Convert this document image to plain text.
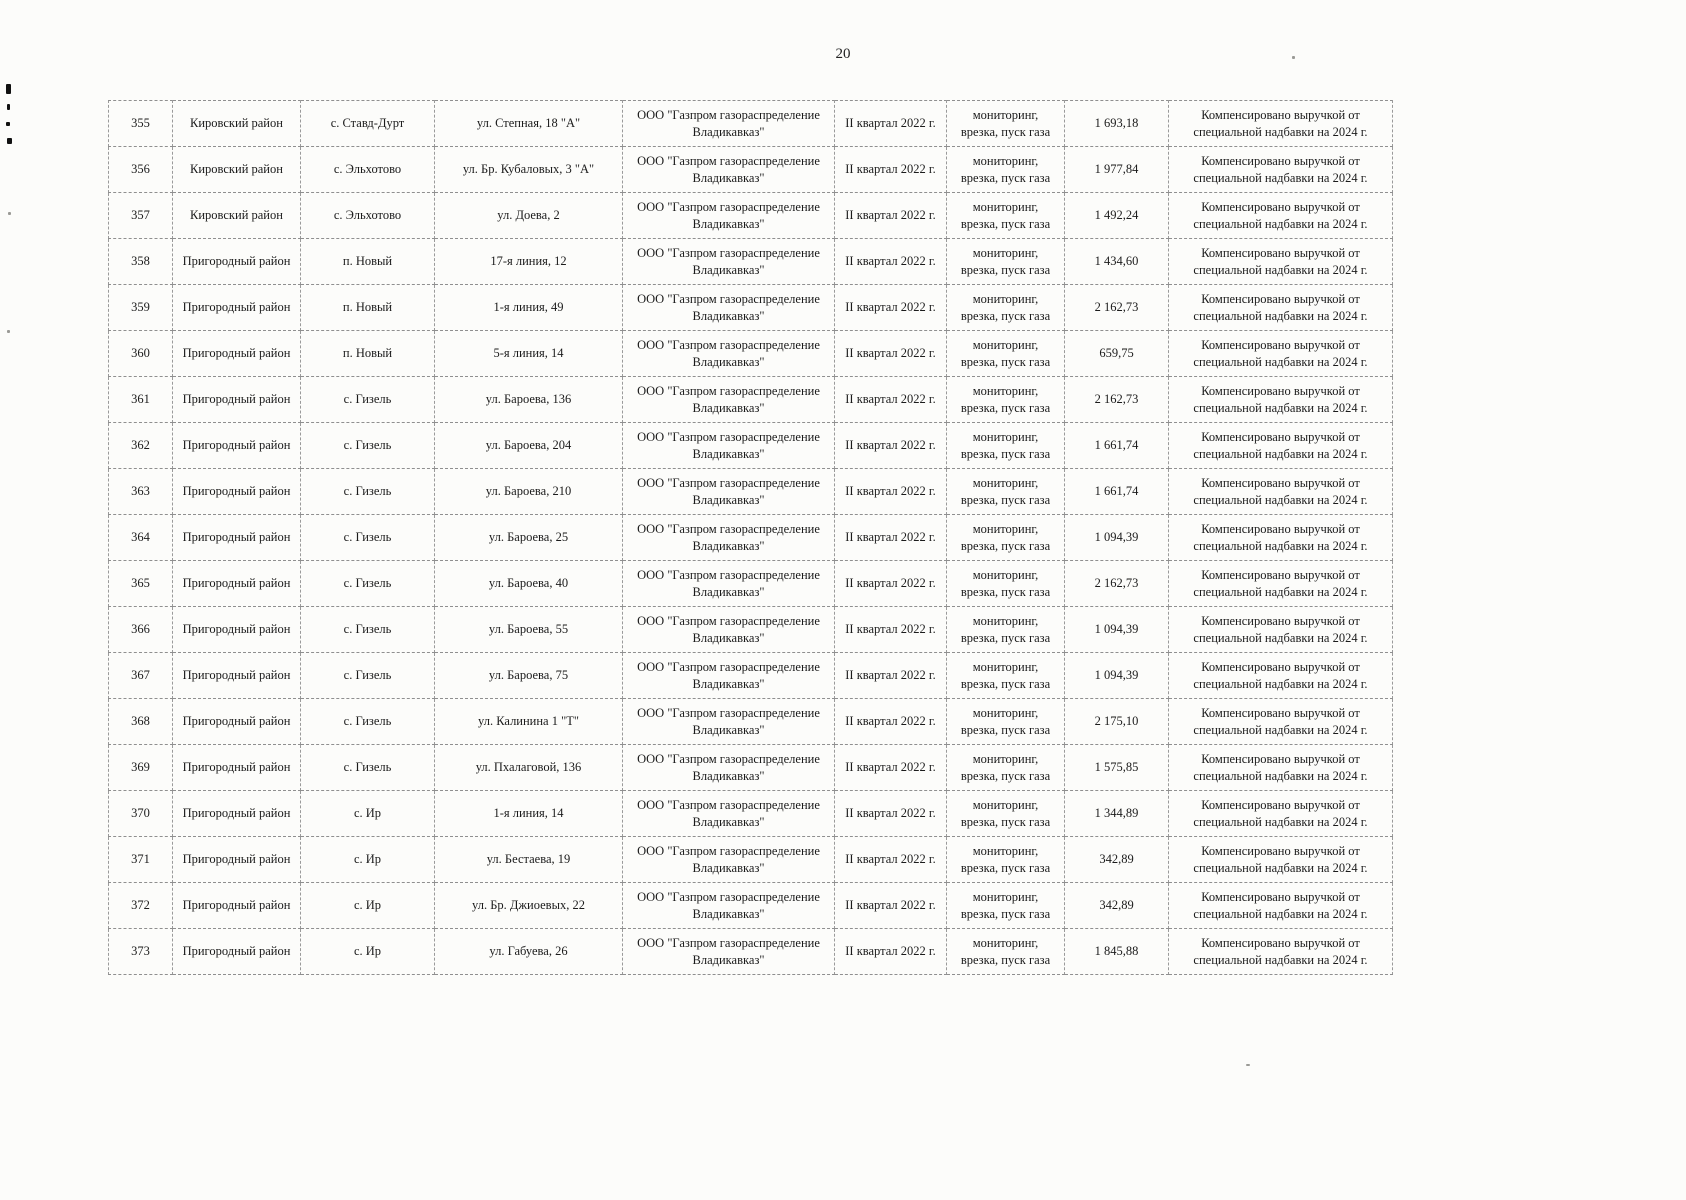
20
355	Кировский район	с. Ставд-Дурт	ул. Степная, 18 "А"	ООО "Газпром газораспределение Владикавказ"	II квартал 2022 г.	мониторинг, врезка, пуск газа	1 693,18	Компенсировано выручкой от специальной надбавки на 2024 г.
356	Кировский район	с. Эльхотово	ул. Бр. Кубаловых, 3 "А"	ООО "Газпром газораспределение Владикавказ"	II квартал 2022 г.	мониторинг, врезка, пуск газа	1 977,84	Компенсировано выручкой от специальной надбавки на 2024 г.
357	Кировский район	с. Эльхотово	ул. Доева, 2	ООО "Газпром газораспределение Владикавказ"	II квартал 2022 г.	мониторинг, врезка, пуск газа	1 492,24	Компенсировано выручкой от специальной надбавки на 2024 г.
358	Пригородный район	п. Новый	17-я линия, 12	ООО "Газпром газораспределение Владикавказ"	II квартал 2022 г.	мониторинг, врезка, пуск газа	1 434,60	Компенсировано выручкой от специальной надбавки на 2024 г.
359	Пригородный район	п. Новый	1-я линия, 49	ООО "Газпром газораспределение Владикавказ"	II квартал 2022 г.	мониторинг, врезка, пуск газа	2 162,73	Компенсировано выручкой от специальной надбавки на 2024 г.
360	Пригородный район	п. Новый	5-я линия, 14	ООО "Газпром газораспределение Владикавказ"	II квартал 2022 г.	мониторинг, врезка, пуск газа	659,75	Компенсировано выручкой от специальной надбавки на 2024 г.
361	Пригородный район	с. Гизель	ул. Бароева, 136	ООО "Газпром газораспределение Владикавказ"	II квартал 2022 г.	мониторинг, врезка, пуск газа	2 162,73	Компенсировано выручкой от специальной надбавки на 2024 г.
362	Пригородный район	с. Гизель	ул. Бароева, 204	ООО "Газпром газораспределение Владикавказ"	II квартал 2022 г.	мониторинг, врезка, пуск газа	1 661,74	Компенсировано выручкой от специальной надбавки на 2024 г.
363	Пригородный район	с. Гизель	ул. Бароева, 210	ООО "Газпром газораспределение Владикавказ"	II квартал 2022 г.	мониторинг, врезка, пуск газа	1 661,74	Компенсировано выручкой от специальной надбавки на 2024 г.
364	Пригородный район	с. Гизель	ул. Бароева, 25	ООО "Газпром газораспределение Владикавказ"	II квартал 2022 г.	мониторинг, врезка, пуск газа	1 094,39	Компенсировано выручкой от специальной надбавки на 2024 г.
365	Пригородный район	с. Гизель	ул. Бароева, 40	ООО "Газпром газораспределение Владикавказ"	II квартал 2022 г.	мониторинг, врезка, пуск газа	2 162,73	Компенсировано выручкой от специальной надбавки на 2024 г.
366	Пригородный район	с. Гизель	ул. Бароева, 55	ООО "Газпром газораспределение Владикавказ"	II квартал 2022 г.	мониторинг, врезка, пуск газа	1 094,39	Компенсировано выручкой от специальной надбавки на 2024 г.
367	Пригородный район	с. Гизель	ул. Бароева, 75	ООО "Газпром газораспределение Владикавказ"	II квартал 2022 г.	мониторинг, врезка, пуск газа	1 094,39	Компенсировано выручкой от специальной надбавки на 2024 г.
368	Пригородный район	с. Гизель	ул. Калинина 1 "Т"	ООО "Газпром газораспределение Владикавказ"	II квартал 2022 г.	мониторинг, врезка, пуск газа	2 175,10	Компенсировано выручкой от специальной надбавки на 2024 г.
369	Пригородный район	с. Гизель	ул. Пхалаговой, 136	ООО "Газпром газораспределение Владикавказ"	II квартал 2022 г.	мониторинг, врезка, пуск газа	1 575,85	Компенсировано выручкой от специальной надбавки на 2024 г.
370	Пригородный район	с. Ир	1-я линия, 14	ООО "Газпром газораспределение Владикавказ"	II квартал 2022 г.	мониторинг, врезка, пуск газа	1 344,89	Компенсировано выручкой от специальной надбавки на 2024 г.
371	Пригородный район	с. Ир	ул. Бестаева, 19	ООО "Газпром газораспределение Владикавказ"	II квартал 2022 г.	мониторинг, врезка, пуск газа	342,89	Компенсировано выручкой от специальной надбавки на 2024 г.
372	Пригородный район	с. Ир	ул. Бр. Джиоевых, 22	ООО "Газпром газораспределение Владикавказ"	II квартал 2022 г.	мониторинг, врезка, пуск газа	342,89	Компенсировано выручкой от специальной надбавки на 2024 г.
373	Пригородный район	с. Ир	ул. Габуева, 26	ООО "Газпром газораспределение Владикавказ"	II квартал 2022 г.	мониторинг, врезка, пуск газа	1 845,88	Компенсировано выручкой от специальной надбавки на 2024 г.
